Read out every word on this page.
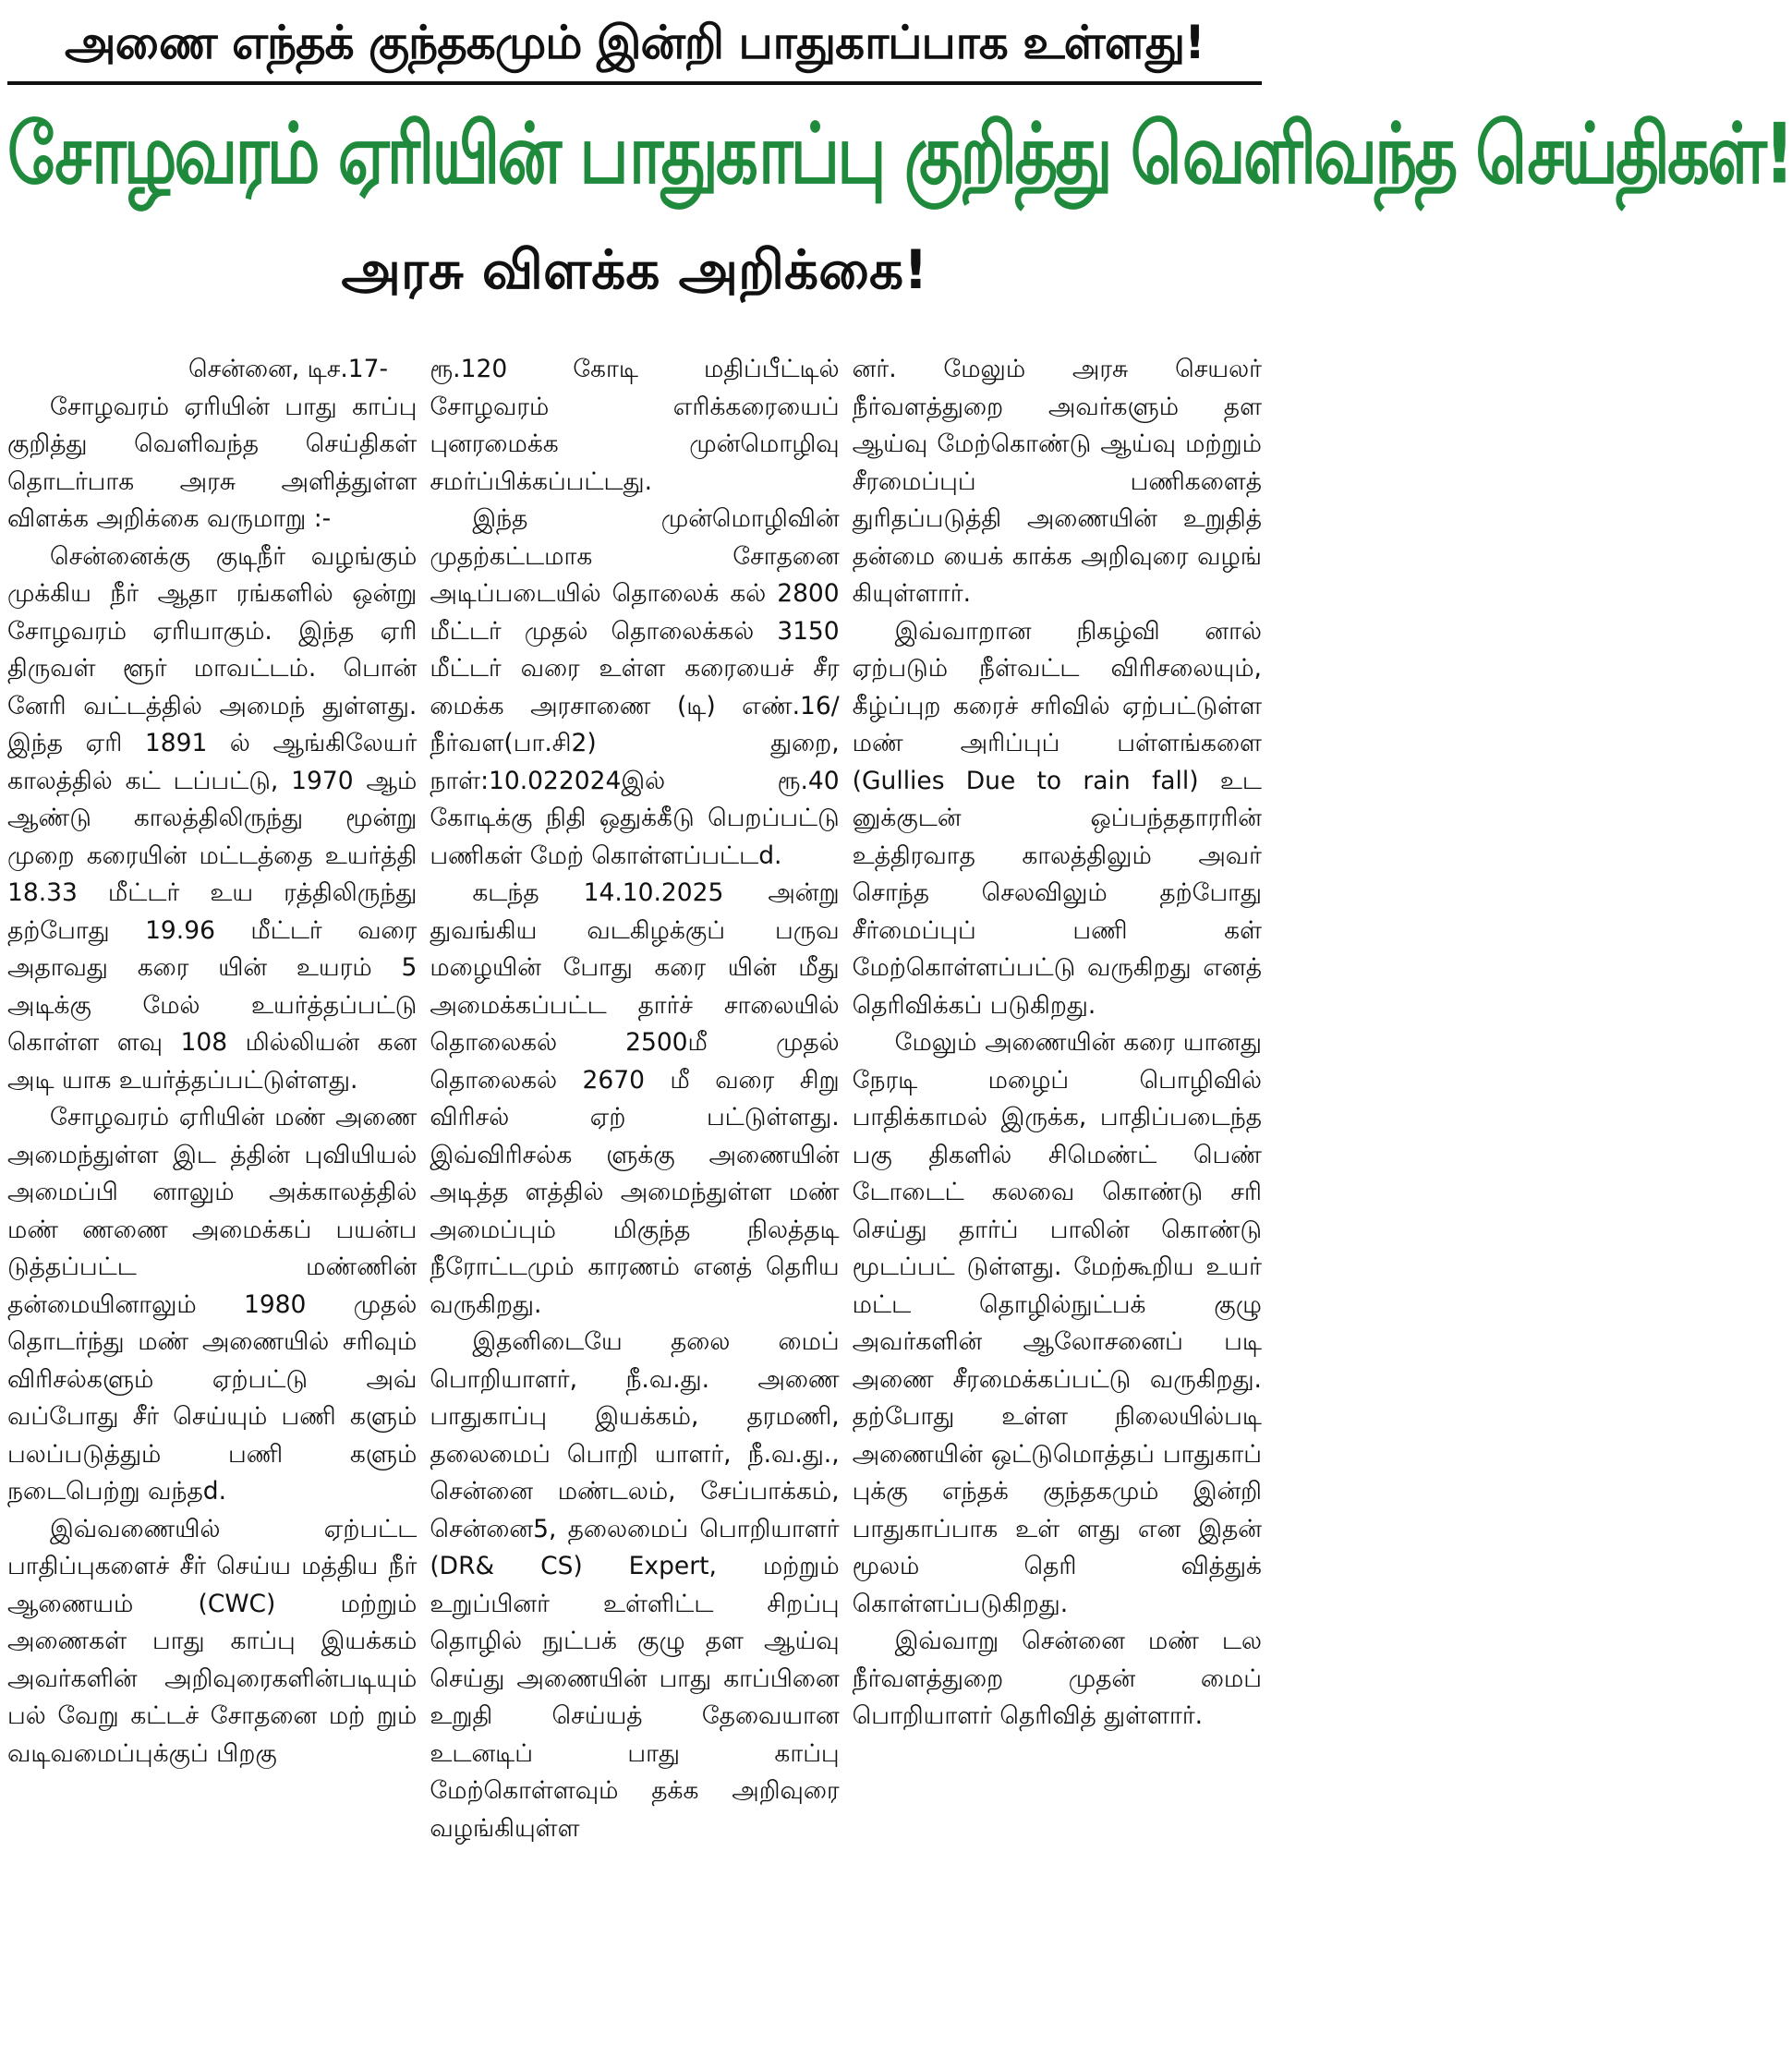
அணை எந்தக் குந்தகமும் இன்றி பாதுகாப்பாக உள்ளது!
சோழவரம் ஏரியின் பாதுகாப்பு குறித்து வெளிவந்த செய்திகள்!
அரசு விளக்க அறிக்கை!

சென்னை, டிச.17-

சோழவரம் ஏரியின் பாது காப்பு குறித்து வெளிவந்த செய்திகள் தொடர்பாக அரசு அளித்துள்ள விளக்க அறிக்கை வருமாறு :-

சென்னைக்கு குடிநீர் வழங்கும் முக்கிய நீர் ஆதா ரங்களில் ஒன்று சோழவரம் ஏரியாகும். இந்த ஏரி திருவள் ளூர் மாவட்டம். பொன் னேரி வட்டத்தில் அமைந் துள்ளது. இந்த ஏரி 1891 ல் ஆங்கிலேயர் காலத்தில் கட் டப்பட்டு, 1970 ஆம் ஆண்டு காலத்திலிருந்து மூன்று முறை கரையின் மட்டத்தை உயர்த்தி 18.33 மீட்டர் உய ரத்திலிருந்து தற்போது 19.96 மீட்டர் வரை அதாவது கரை யின் உயரம் 5 அடிக்கு மேல் உயர்த்தப்பட்டு கொள்ள ளவு 108 மில்லியன் கன அடி யாக உயர்த்தப்பட்டுள்ளது.

சோழவரம் ஏரியின் மண் அணை அமைந்துள்ள இட த்தின் புவியியல் அமைப்பி னாலும் அக்காலத்தில் மண் ணணை அமைக்கப் பயன்ப டுத்தப்பட்ட மண்ணின் தன்மையினாலும் 1980 முதல் தொடர்ந்து மண் அணையில் சரிவும் விரிசல்களும் ஏற்பட்டு அவ் வப்போது சீர் செய்யும் பணி களும் பலப்படுத்தும் பணி களும் நடைபெற்று வந்தd.

இவ்வணையில் ஏற்பட்ட பாதிப்புகளைச் சீர் செய்ய மத்திய நீர் ஆணையம் (CWC) மற்றும் அணைகள் பாது காப்பு இயக்கம் அவர்களின் அறிவுரைகளின்படியும் பல் வேறு கட்டச் சோதனை மற் றும் வடிவமைப்புக்குப் பிறகு

ரூ.120 கோடி மதிப்பீட்டில் சோழவரம் எரிக்கரையைப் புனரமைக்க முன்மொழிவு சமர்ப்பிக்கப்பட்டது.

இந்த முன்மொழிவின் முதற்கட்டமாக சோதனை அடிப்படையில் தொலைக் கல் 2800 மீட்டர் முதல் தொலைக்கல் 3150 மீட்டர் வரை உள்ள கரையைச் சீர மைக்க அரசாணை (டி) எண்.16/ நீர்வள(பா.சி2) துறை, நாள்:10.022024இல் ரூ.40 கோடிக்கு நிதி ஒதுக்கீடு பெறப்பட்டு பணிகள் மேற் கொள்ளப்பட்டd.

கடந்த 14.10.2025 அன்று துவங்கிய வடகிழக்குப் பருவ மழையின் போது கரை யின் மீது அமைக்கப்பட்ட தார்ச் சாலையில் தொலைகல் 2500மீ முதல் தொலைகல் 2670 மீ வரை சிறு விரிசல் ஏற் பட்டுள்ளது. இவ்விரிசல்க ளுக்கு அணையின் அடித்த ளத்தில் அமைந்துள்ள மண் அமைப்பும் மிகுந்த நிலத்தடி நீரோட்டமும் காரணம் எனத் தெரிய வருகிறது.

இதனிடையே தலை மைப் பொறியாளர், நீ.வ.து. அணை பாதுகாப்பு இயக்கம், தரமணி, தலைமைப் பொறி யாளர், நீ.வ.து., சென்னை மண்டலம், சேப்பாக்கம், சென்னை5, தலைமைப் பொறியாளர் (DR& CS) Expert, மற்றும் உறுப்பினர் உள்ளிட்ட சிறப்பு தொழில் நுட்பக் குழு தள ஆய்வு செய்து அணையின் பாது காப்பினை உறுதி செய்யத் தேவையான உடனடிப் பாது காப்பு மேற்கொள்ளவும் தக்க அறிவுரை வழங்கியுள்ள

னர். மேலும் அரசு செயலர் நீர்வளத்துறை அவர்களும் தள ஆய்வு மேற்கொண்டு ஆய்வு மற்றும் சீரமைப்புப் பணிகளைத் துரிதப்படுத்தி அணையின் உறுதித் தன்மை யைக் காக்க அறிவுரை வழங் கியுள்ளார்.

இவ்வாறான நிகழ்வி னால் ஏற்படும் நீள்வட்ட விரிசலையும், கீழ்ப்புற கரைச் சரிவில் ஏற்பட்டுள்ள மண் அரிப்புப் பள்ளங்களை (Gullies Due to rain fall) உட னுக்குடன் ஒப்பந்ததாரரின் உத்திரவாத காலத்திலும் அவர் சொந்த செலவிலும் தற்போது சீர்மைப்புப் பணி கள் மேற்கொள்ளப்பட்டு வருகிறது எனத் தெரிவிக்கப் படுகிறது.

மேலும் அணையின் கரை யானது நேரடி மழைப் பொழிவில் பாதிக்காமல் இருக்க, பாதிப்படைந்த பகு திகளில் சிமெண்ட் பெண் டோடைட் கலவை கொண்டு சரி செய்து தார்ப் பாலின் கொண்டு மூடப்பட் டுள்ளது. மேற்கூறிய உயர் மட்ட தொழில்நுட்பக் குழு அவர்களின் ஆலோசனைப் படி அணை சீரமைக்கப்பட்டு வருகிறது. தற்போது உள்ள நிலையில்படி அணையின் ஒட்டுமொத்தப் பாதுகாப் புக்கு எந்தக் குந்தகமும் இன்றி பாதுகாப்பாக உள் ளது என இதன் மூலம் தெரி வித்துக் கொள்ளப்படுகிறது.

இவ்வாறு சென்னை மண் டல நீர்வளத்துறை முதன் மைப் பொறியாளர் தெரிவித் துள்ளார்.
